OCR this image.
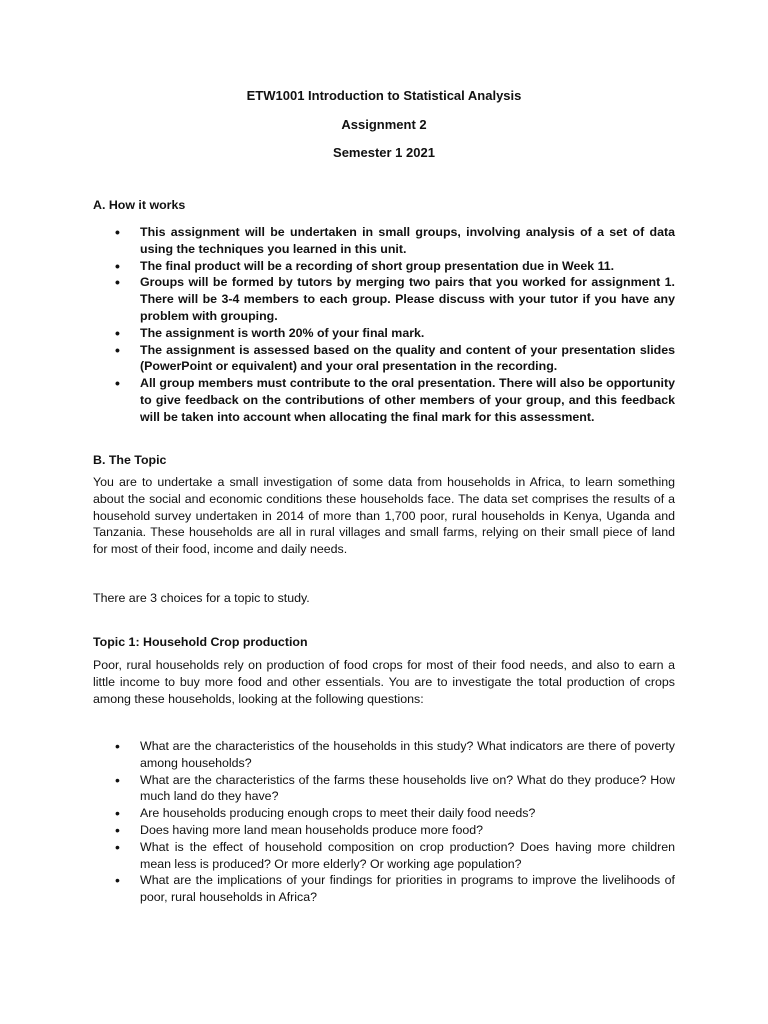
ETW1001 Introduction to Statistical Analysis
Assignment 2
Semester 1 2021
A. How it works
• This assignment will be undertaken in small groups, involving analysis of a set of data using the techniques you learned in this unit.
• The final product will be a recording of short group presentation due in Week 11.
• Groups will be formed by tutors by merging two pairs that you worked for assignment 1. There will be 3-4 members to each group. Please discuss with your tutor if you have any problem with grouping.
• The assignment is worth 20% of your final mark.
• The assignment is assessed based on the quality and content of your presentation slides (PowerPoint or equivalent) and your oral presentation in the recording.
• All group members must contribute to the oral presentation. There will also be opportunity to give feedback on the contributions of other members of your group, and this feedback will be taken into account when allocating the final mark for this assessment.
B. The Topic
You are to undertake a small investigation of some data from households in Africa, to learn something about the social and economic conditions these households face. The data set comprises the results of a household survey undertaken in 2014 of more than 1,700 poor, rural households in Kenya, Uganda and Tanzania. These households are all in rural villages and small farms, relying on their small piece of land for most of their food, income and daily needs.
There are 3 choices for a topic to study.
Topic 1: Household Crop production
Poor, rural households rely on production of food crops for most of their food needs, and also to earn a little income to buy more food and other essentials. You are to investigate the total production of crops among these households, looking at the following questions:
• What are the characteristics of the households in this study? What indicators are there of poverty among households?
• What are the characteristics of the farms these households live on? What do they produce? How much land do they have?
• Are households producing enough crops to meet their daily food needs?
• Does having more land mean households produce more food?
• What is the effect of household composition on crop production? Does having more children mean less is produced? Or more elderly? Or working age population?
• What are the implications of your findings for priorities in programs to improve the livelihoods of poor, rural households in Africa?
